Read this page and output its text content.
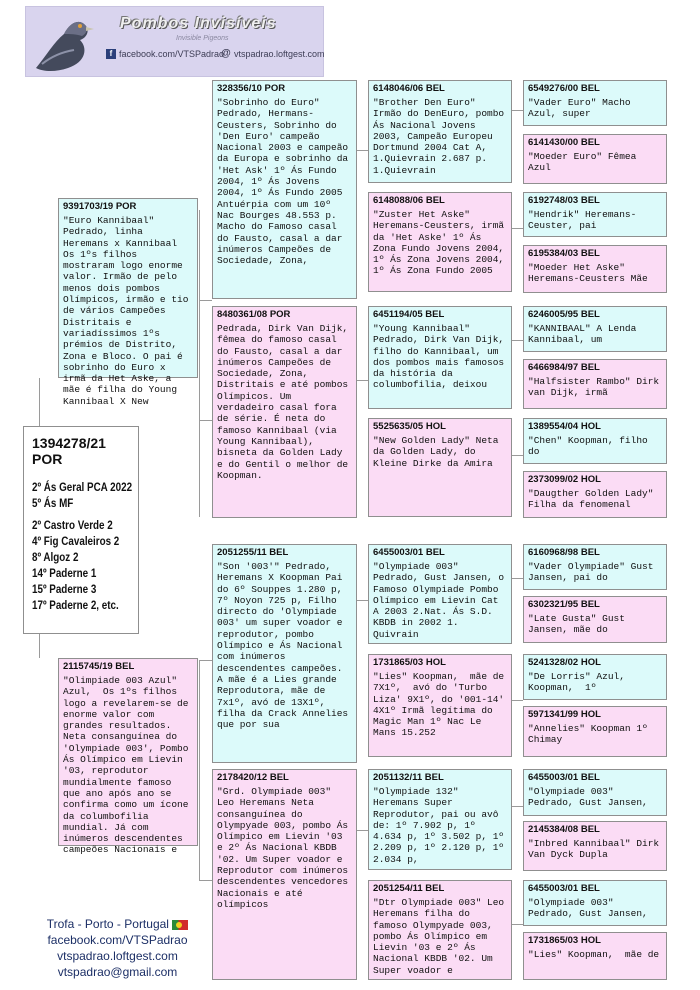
Pombos Invisíveis
Invisible Pigeons
f facebook.com/VTSPadrao
@ vtspadrao.loftgest.com
1394278/21 POR
2º Ás Geral PCA 2022
5º Ás MF
2º Castro Verde 2
4º Fig Cavaleiros 2
8º Algoz 2
14º Paderne 1
15º Paderne 3
17º Paderne 2, etc.
9391703/19 POR
"Euro Kannibaal" Pedrado, linha Heremans x Kannibaal Os 1ºs filhos mostraram logo enorme valor. Irmão de pelo menos dois pombos Olímpicos, irmão e tio de vários Campeões Distritais e variadíssimos 1ºs prémios de Distrito, Zona e Bloco. O pai é sobrinho do Euro x irmã da Het Aske, a mãe é filha do Young Kannibaal X New
2115745/19 BEL
"Olimpiade 003 Azul" Azul,  Os 1ºs filhos logo a revelarem-se de enorme valor com grandes resultados. Neta consanguínea do 'Olympiade 003', Pombo Ás Olímpico em Lievin '03, reprodutor mundialmente famoso que ano após ano se confirma como um ícone da columbofilia mundial. Já com inúmeros descendentes campeões Nacionais e
328356/10 POR
"Sobrinho do Euro" Pedrado, Hermans-Ceusters, Sobrinho do 'Den Euro' campeão Nacional 2003 e campeão da Europa e sobrinho da 'Het Ask' 1º Ás Fundo 2004, 1º Ás Jovens 2004, 1º Ás Fundo 2005 Antuérpia com um 10º Nac Bourges 48.553 p. Macho do Famoso casal do Fausto, casal a dar inúmeros Campeões de Sociedade, Zona,
8480361/08 POR
Pedrada, Dirk Van Dijk, fêmea do famoso casal do Fausto, casal a dar inúmeros Campeões de Sociedade, Zona, Distritais e até pombos Olímpicos. Um verdadeiro casal fora de série. É neta do famoso Kannibaal (via Young Kannibaal), bisneta da Golden Lady e do Gentil o melhor de Koopman.
2051255/11 BEL
"Son '003'" Pedrado, Heremans X Koopman Pai do 6º Souppes 1.280 p, 7º Noyon 725 p, Filho directo do 'Olympiade 003' um super voador e reprodutor, pombo Olímpico e Ás Nacional com inúmeros descendentes campeões. A mãe é a Lies grande Reprodutora, mãe de 7x1º, avó de 13X1º, filha da Crack Annelies que por sua
2178420/12 BEL
"Grd. Olympiade 003" Leo Heremans Neta consanguínea do Olympyade 003, pombo Ás Olímpico em Lievin '03 e 2º Ás Nacional KBDB '02. Um Super voador e Reprodutor com inúmeros descendentes vencedores Nacionais e até olímpicos
6148046/06 BEL
"Brother Den Euro" Irmão do DenEuro, pombo Ás Nacional Jovens 2003, Campeão Europeu Dortmund 2004 Cat A, 1.Quievrain 2.687 p. 1.Quievrain
6148088/06 BEL
"Zuster Het Aske" Heremans-Ceusters, irmã da 'Het Aske' 1º Ás Zona Fundo Jovens 2004, 1º Ás Zona Jovens 2004, 1º Ás Zona Fundo 2005
6451194/05 BEL
"Young Kannibaal" Pedrado, Dirk Van Dijk, filho do Kannibaal, um dos pombos mais famosos da história da columbofilia, deixou
5525635/05 HOL
"New Golden Lady" Neta da Golden Lady, do Kleine Dirke da Amira
6455003/01 BEL
"Olympiade 003" Pedrado, Gust Jansen, o Famoso Olympiade Pombo Olímpico em Lievin Cat A 2003 2.Nat. Ás S.D. KBDB in 2002 1. Quivrain
1731865/03 HOL
"Lies" Koopman,  mãe de 7X1º,  avó do 'Turbo Liza' 9X1º, do '001-14' 4X1º Irmã legítima do Magic Man 1º Nac Le Mans 15.252
2051132/11 BEL
"Olympiade 132" Heremans Super Reprodutor, pai ou avô de: 1º 7.902 p, 1º 4.634 p, 1º 3.502 p, 1º 2.209 p, 1º 2.120 p, 1º 2.034 p,
2051254/11 BEL
"Dtr Olympiade 003" Leo Heremans filha do famoso Olympyade 003, pombo Ás Olímpico em Lievin '03 e 2º Ás Nacional KBDB '02. Um Super voador e
6549276/00 BEL
"Vader Euro" Macho Azul, super
6141430/00 BEL
"Moeder Euro" Fêmea Azul
6192748/03 BEL
"Hendrik" Heremans-Ceuster, pai
6195384/03 BEL
"Moeder Het Aske" Heremans-Ceusters Mãe
6246005/95 BEL
"KANNIBAAL" A Lenda Kannibaal, um
6466984/97 BEL
"Halfsister Rambo" Dirk van Dijk, irmã
1389554/04 HOL
"Chen" Koopman, filho do
2373099/02 HOL
"Daugther Golden Lady" Filha da fenomenal
6160968/98 BEL
"Vader Olympiade" Gust Jansen, pai do
6302321/95 BEL
"Late Gusta" Gust Jansen, mãe do
5241328/02 HOL
"De Lorris" Azul, Koopman,  1º
5971341/99 HOL
"Annelies" Koopman 1º Chimay
6455003/01 BEL
"Olympiade 003" Pedrado, Gust Jansen,
2145384/08 BEL
"Inbred Kannibaal" Dirk Van Dyck Dupla
6455003/01 BEL
"Olympiade 003" Pedrado, Gust Jansen,
1731865/03 HOL
"Lies" Koopman,  mãe de
Trofa - Porto - Portugal
facebook.com/VTSPadrao
vtspadrao.loftgest.com
vtspadrao@gmail.com
